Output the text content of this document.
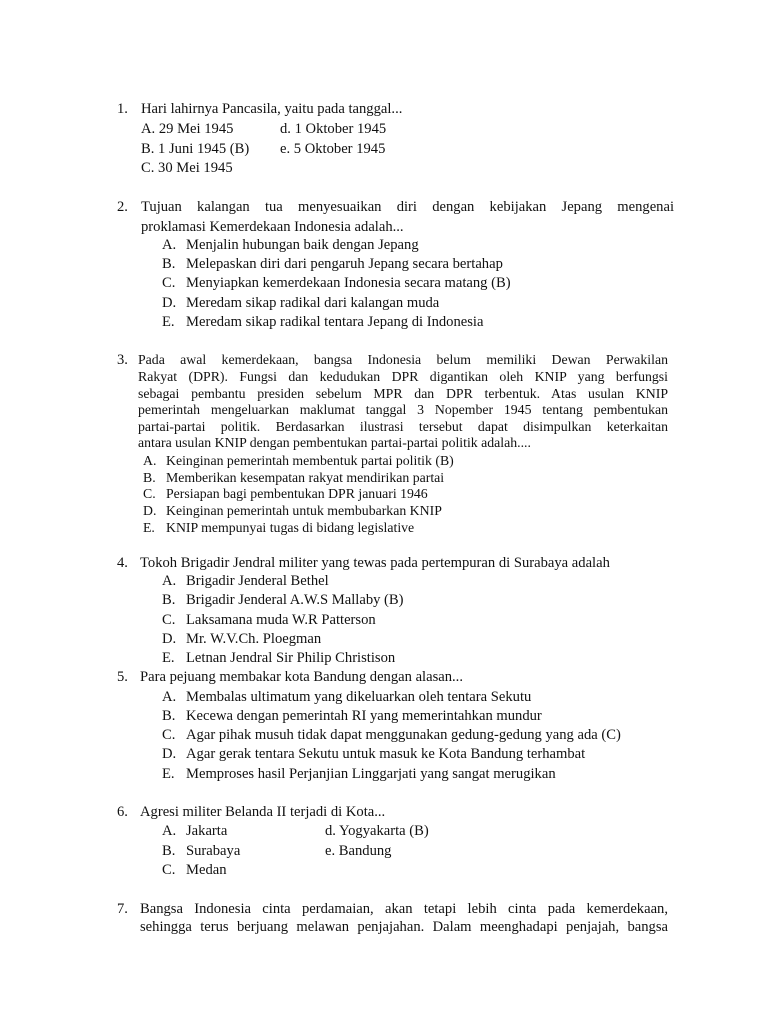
1. Hari lahirnya Pancasila, yaitu pada tanggal...
A. 29 Mei 1945
B. 1 Juni 1945 (B)
C. 30 Mei 1945
d. 1 Oktober 1945
e. 5 Oktober 1945
2. Tujuan kalangan tua menyesuaikan diri dengan kebijakan Jepang mengenai
proklamasi Kemerdekaan Indonesia adalah...
A. Menjalin hubungan baik dengan Jepang
B. Melepaskan diri dari pengaruh Jepang secara bertahap
C. Menyiapkan kemerdekaan Indonesia secara matang (B)
D. Meredam sikap radikal dari kalangan muda
E. Meredam sikap radikal tentara Jepang di Indonesia
3. Pada awal kemerdekaan, bangsa Indonesia belum memiliki Dewan Perwakilan
Rakyat (DPR). Fungsi dan kedudukan DPR digantikan oleh KNIP yang berfungsi
sebagai pembantu presiden sebelum MPR dan DPR terbentuk. Atas usulan KNIP
pemerintah mengeluarkan maklumat tanggal 3 Nopember 1945 tentang pembentukan
partai-partai politik. Berdasarkan ilustrasi tersebut dapat disimpulkan keterkaitan
antara usulan KNIP dengan pembentukan partai-partai politik adalah....
A. Keinginan pemerintah membentuk partai politik (B)
B. Memberikan kesempatan rakyat mendirikan partai
C. Persiapan bagi pembentukan DPR januari 1946
D. Keinginan pemerintah untuk membubarkan KNIP
E. KNIP mempunyai tugas di bidang legislative
4. Tokoh Brigadir Jendral militer yang tewas pada pertempuran di Surabaya adalah
A. Brigadir Jenderal Bethel
B. Brigadir Jenderal A.W.S Mallaby (B)
C. Laksamana muda W.R Patterson
D. Mr. W.V.Ch. Ploegman
E. Letnan Jendral Sir Philip Christison
5. Para pejuang membakar kota Bandung dengan alasan...
A. Membalas ultimatum yang dikeluarkan oleh tentara Sekutu
B. Kecewa dengan pemerintah RI yang memerintahkan mundur
C. Agar pihak musuh tidak dapat menggunakan gedung-gedung yang ada (C)
D. Agar gerak tentara Sekutu untuk masuk ke Kota Bandung terhambat
E. Memproses hasil Perjanjian Linggarjati yang sangat merugikan
6. Agresi militer Belanda II terjadi di Kota...
A. Jakarta
B. Surabaya
C. Medan
d. Yogyakarta (B)
e. Bandung
7. Bangsa Indonesia cinta perdamaian, akan tetapi lebih cinta pada kemerdekaan,
sehingga terus berjuang melawan penjajahan. Dalam meenghadapi penjajah, bangsa
